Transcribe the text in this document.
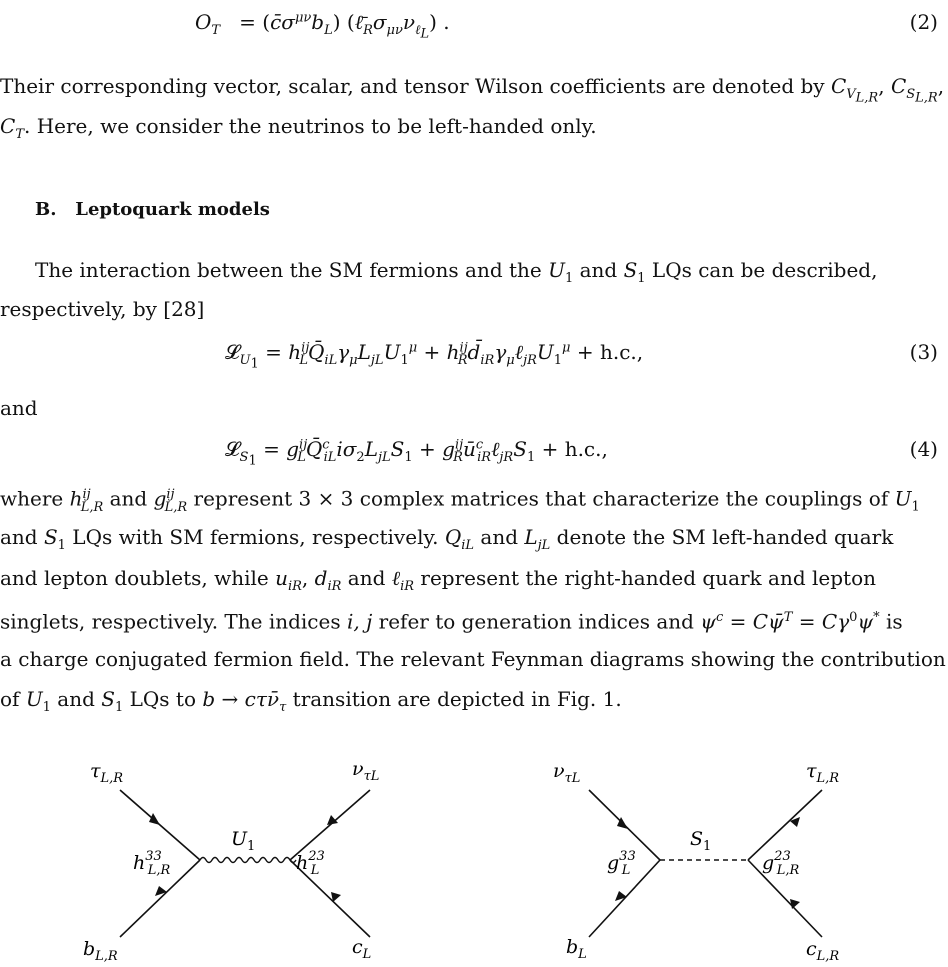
$O_T$   = $(c̄\sigma^{\mu\nu}b_L)$ $(\ell̄_R\sigma_{\mu\nu}\nu_{\ell_L})$ .	(2)
Their corresponding vector, scalar, and tensor Wilson coefficients are denoted by $C_{V_{L,R}}$, $C_{S_{L,R}}$,
$C_T$. Here, we consider the neutrinos to be left-handed only.
B. Leptoquark models
The interaction between the SM fermions and the $U_1$ and $S_1$ LQs can be described,
respectively, by [28]
𝓛$_{U_1}$ = $h^{ij}_LQ̄_{iL}\gamma_\mu L_{jL}U_1^\mu$ + $h^{ij}_Rd̄_{iR}\gamma_\mu\ell_{jR}U_1^\mu + h.c$.,	(3)
and
𝓛$_{S_1}$ = $g^{ij}_LQ̄^c_{iL}i\sigma_2L_{jL}S_1$ + $g^{ij}_Rū^c_{iR}\ell_{jR}S_1 + h.c$.,	(4)
where $h^{ij}_{L,R}$ and $g^{ij}_{L,R}$ represent 3 × 3 complex matrices that characterize the couplings of $U_1$
and $S_1$ LQs with SM fermions, respectively. $Q_{iL}$ and $L_{jL}$ denote the SM left-handed quark
and lepton doublets, while $u_{iR}$, $d_{iR}$ and ℓ$_{iR}$ represent the right-handed quark and lepton
singlets, respectively. The indices i, j refer to generation indices and $\psi^c$ = Cψ̄$^T$ = $C\gamma^0\psi^*$ is
a charge conjugated fermion field. The relevant Feynman diagrams showing the contribution
of $U_1$ and $S_1$ LQs to $b \to c\tau\nū_\tau$ transition are depicted in Fig. 1.
$\tau_{L,R}$	$\nu_{\tau L}$
$b_{L,R}$	$c_L$
$h^{33}$ L,R	$h^{23}$ L
$U_1$
$\nu_{\tau L}$	$\tau_{L,R}$
$b_L$	$c_{L,R}$
$g^{33}$ L	$g^{23}$ L,R
$S_1$
